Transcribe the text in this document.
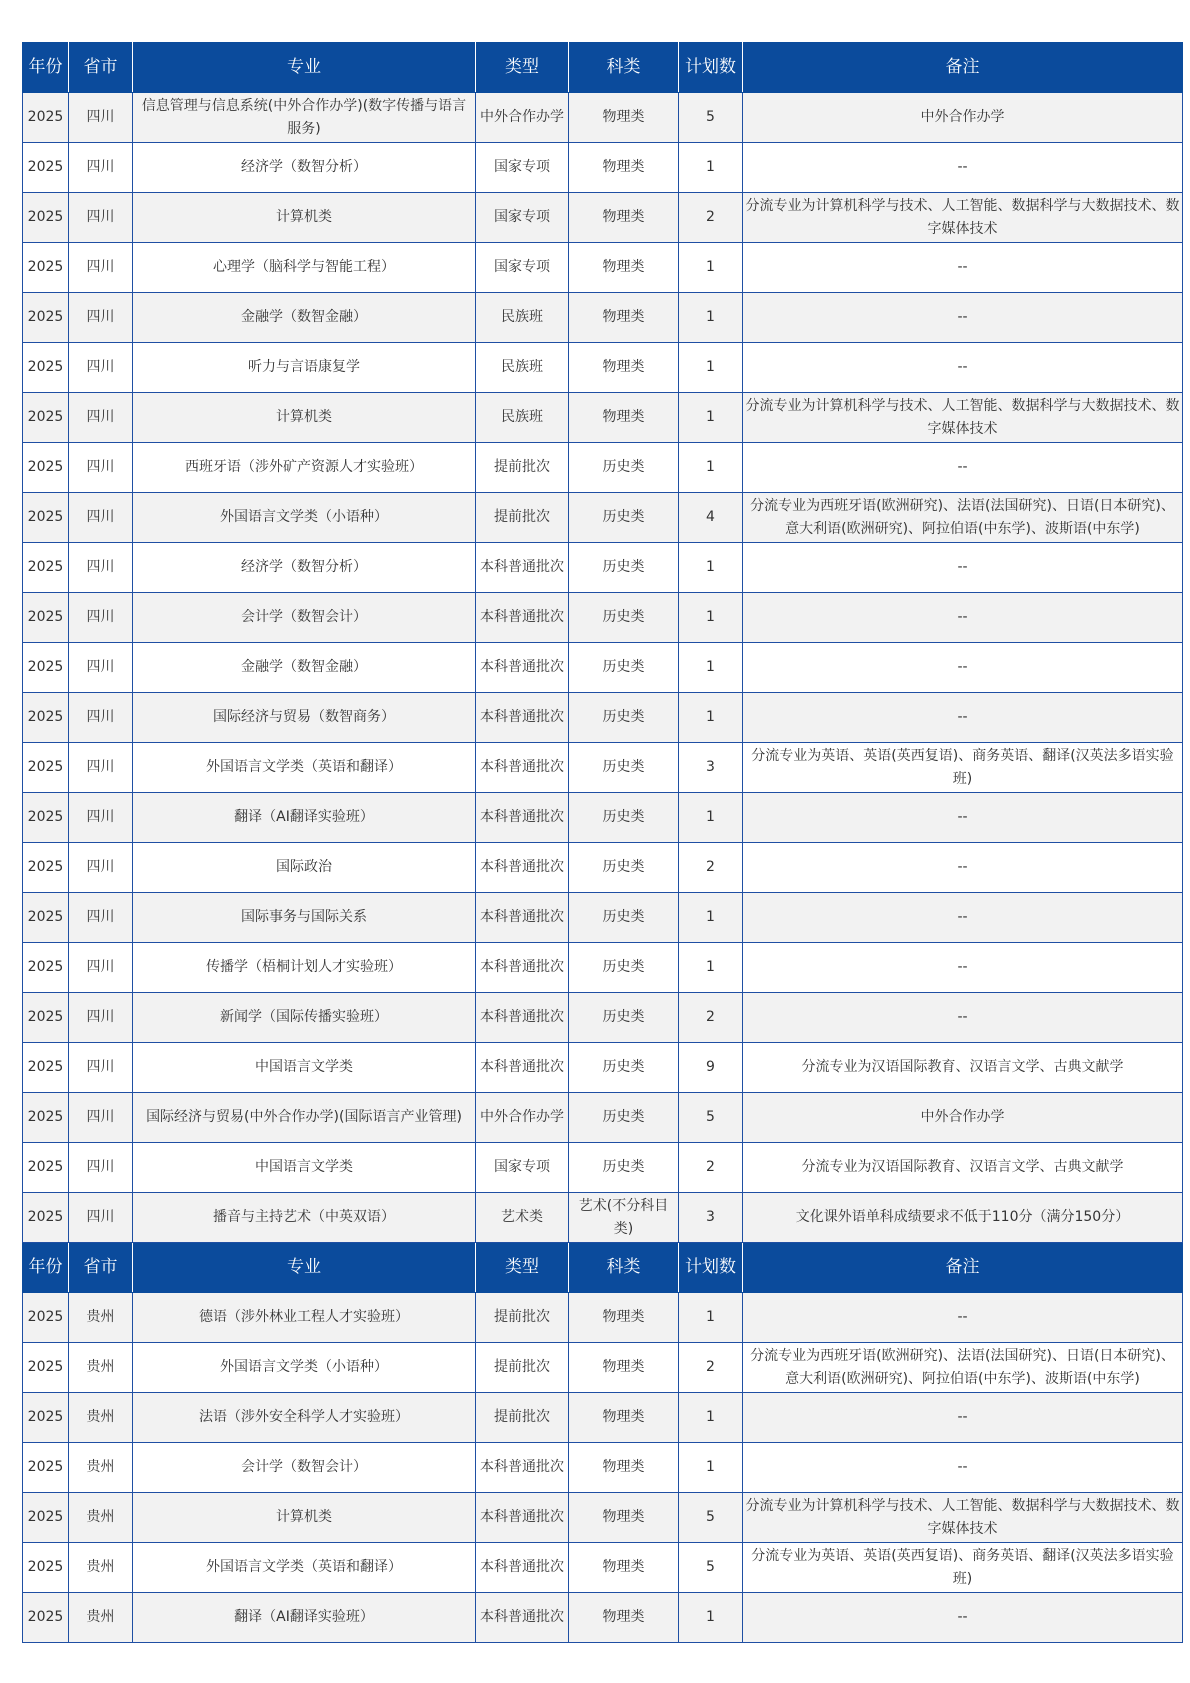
年份	省市	专业	类型	科类	计划数	备注
2025	四川	信息管理与信息系统(中外合作办学)(数字传播与语言服务)	中外合作办学	物理类	5	中外合作办学
2025	四川	经济学（数智分析）	国家专项	物理类	1	--
2025	四川	计算机类	国家专项	物理类	2	分流专业为计算机科学与技术、人工智能、数据科学与大数据技术、数字媒体技术
2025	四川	心理学（脑科学与智能工程）	国家专项	物理类	1	--
2025	四川	金融学（数智金融）	民族班	物理类	1	--
2025	四川	听力与言语康复学	民族班	物理类	1	--
2025	四川	计算机类	民族班	物理类	1	分流专业为计算机科学与技术、人工智能、数据科学与大数据技术、数字媒体技术
2025	四川	西班牙语（涉外矿产资源人才实验班）	提前批次	历史类	1	--
2025	四川	外国语言文学类（小语种）	提前批次	历史类	4	分流专业为西班牙语(欧洲研究)、法语(法国研究)、日语(日本研究)、意大利语(欧洲研究)、阿拉伯语(中东学)、波斯语(中东学)
2025	四川	经济学（数智分析）	本科普通批次	历史类	1	--
2025	四川	会计学（数智会计）	本科普通批次	历史类	1	--
2025	四川	金融学（数智金融）	本科普通批次	历史类	1	--
2025	四川	国际经济与贸易（数智商务）	本科普通批次	历史类	1	--
2025	四川	外国语言文学类（英语和翻译）	本科普通批次	历史类	3	分流专业为英语、英语(英西复语)、商务英语、翻译(汉英法多语实验班)
2025	四川	翻译（AI翻译实验班）	本科普通批次	历史类	1	--
2025	四川	国际政治	本科普通批次	历史类	2	--
2025	四川	国际事务与国际关系	本科普通批次	历史类	1	--
2025	四川	传播学（梧桐计划人才实验班）	本科普通批次	历史类	1	--
2025	四川	新闻学（国际传播实验班）	本科普通批次	历史类	2	--
2025	四川	中国语言文学类	本科普通批次	历史类	9	分流专业为汉语国际教育、汉语言文学、古典文献学
2025	四川	国际经济与贸易(中外合作办学)(国际语言产业管理)	中外合作办学	历史类	5	中外合作办学
2025	四川	中国语言文学类	国家专项	历史类	2	分流专业为汉语国际教育、汉语言文学、古典文献学
2025	四川	播音与主持艺术（中英双语）	艺术类	艺术(不分科目类)	3	文化课外语单科成绩要求不低于110分（满分150分）
年份	省市	专业	类型	科类	计划数	备注
2025	贵州	德语（涉外林业工程人才实验班）	提前批次	物理类	1	--
2025	贵州	外国语言文学类（小语种）	提前批次	物理类	2	分流专业为西班牙语(欧洲研究)、法语(法国研究)、日语(日本研究)、意大利语(欧洲研究)、阿拉伯语(中东学)、波斯语(中东学)
2025	贵州	法语（涉外安全科学人才实验班）	提前批次	物理类	1	--
2025	贵州	会计学（数智会计）	本科普通批次	物理类	1	--
2025	贵州	计算机类	本科普通批次	物理类	5	分流专业为计算机科学与技术、人工智能、数据科学与大数据技术、数字媒体技术
2025	贵州	外国语言文学类（英语和翻译）	本科普通批次	物理类	5	分流专业为英语、英语(英西复语)、商务英语、翻译(汉英法多语实验班)
2025	贵州	翻译（AI翻译实验班）	本科普通批次	物理类	1	--
